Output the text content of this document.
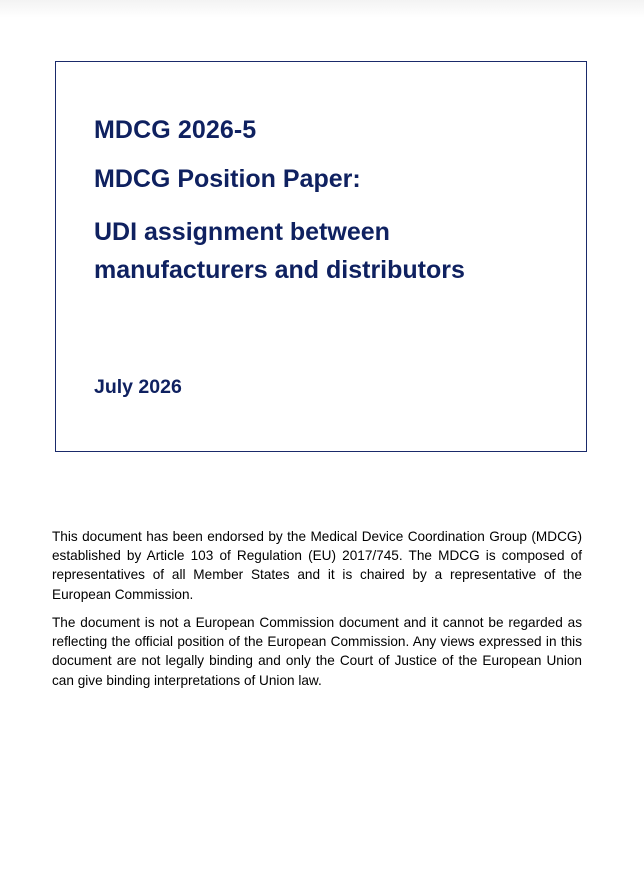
MDCG 2026-5
MDCG Position Paper:
UDI assignment between manufacturers and distributors
July 2026

This document has been endorsed by the Medical Device Coordination Group (MDCG) established by Article 103 of Regulation (EU) 2017/745. The MDCG is composed of representatives of all Member States and it is chaired by a representative of the European Commission.

The document is not a European Commission document and it cannot be regarded as reflecting the official position of the European Commission. Any views expressed in this document are not legally binding and only the Court of Justice of the European Union can give binding interpretations of Union law.
